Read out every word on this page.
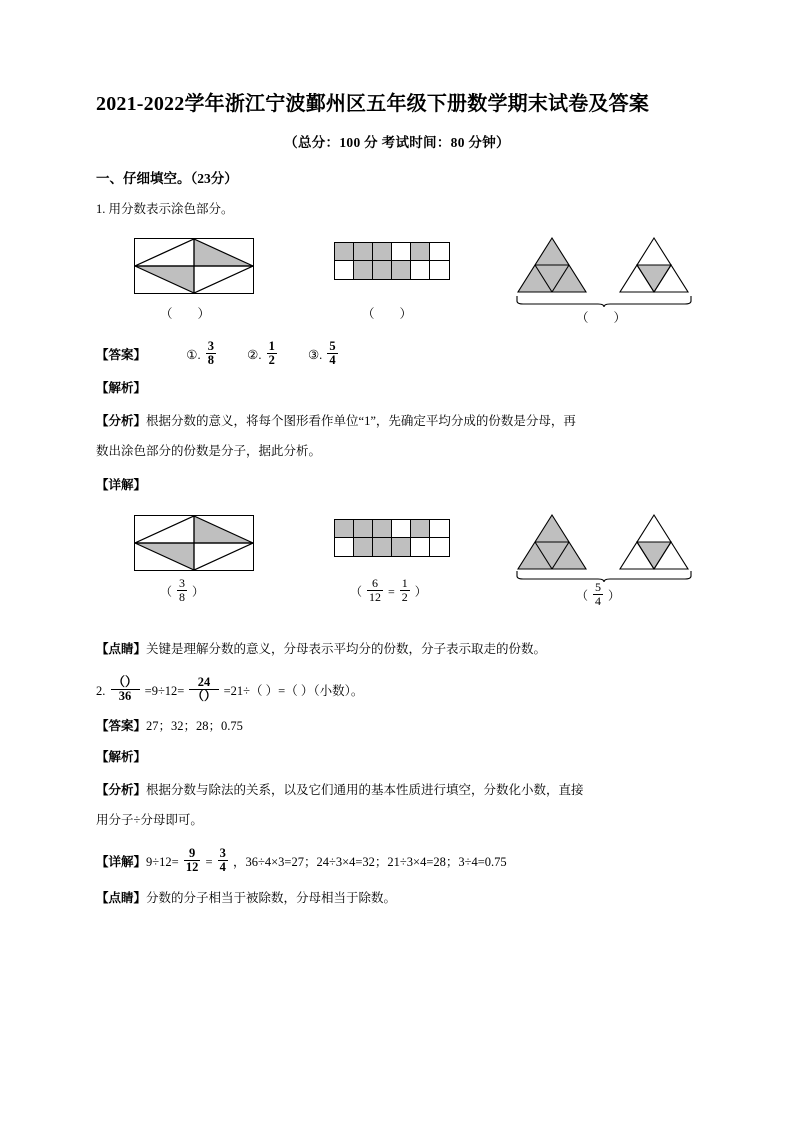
2021-2022学年浙江宁波鄞州区五年级下册数学期末试卷及答案
（总分：100 分 考试时间：80 分钟）
一、仔细填空。（23分）
1. 用分数表示涂色部分。
（ ）	（ ）	（ ）
【答案】	①. $\frac{3}{8}$ ②. $\frac{1}{2}$ ③. $\frac{5}{4}$
【解析】
【分析】根据分数的意义，将每个图形看作单位“1”，先确定平均分成的份数是分母，再
数出涂色部分的份数是分子，据此分析。
【详解】
（ $\frac{3}{8}$ ）	（ $\frac{6}{12} = \frac{1}{2}$ ）	（ $\frac{5}{4}$ ）
【点睛】关键是理解分数的意义，分母表示平均分的份数，分子表示取走的份数。
2. $\frac{()}{36} =9\div 12= \frac{24}{()} =21\div$（ ）=（ ）（小数）。
【答案】27；32；28；0.75
【解析】
【分析】根据分数与除法的关系，以及它们通用的基本性质进行填空，分数化小数，直接
用分子÷分母即可。
【详解】$9\div 12= \frac{9}{12} = \frac{3}{4}$ ，36÷4×3=27；24÷3×4=32；21÷3×4=28；3÷4=0.75
【点睛】分数的分子相当于被除数，分母相当于除数。
